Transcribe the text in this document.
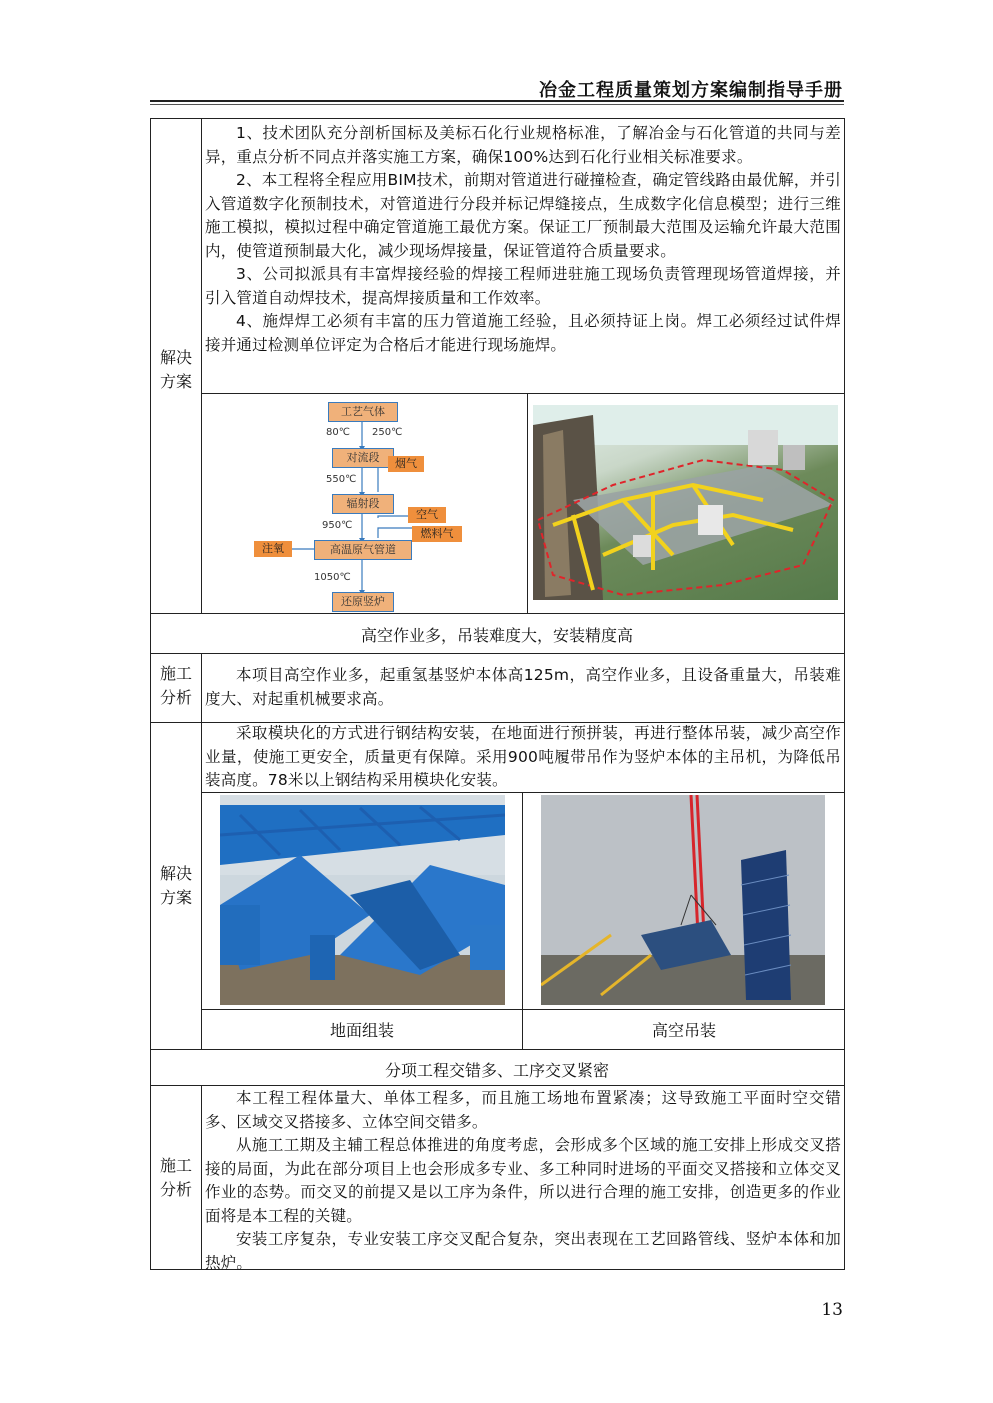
冶金工程质量策划方案编制指导手册
解决
方案

1、技术团队充分剖析国标及美标石化行业规格标准，了解冶金与石化管道的共同与差异，重点分析不同点并落实施工方案，确保100%达到石化行业相关标准要求。

2、本工程将全程应用BIM技术，前期对管道进行碰撞检查，确定管线路由最优解，并引入管道数字化预制技术，对管道进行分段并标记焊缝接点，生成数字化信息模型；进行三维施工模拟，模拟过程中确定管道施工最优方案。保证工厂预制最大范围及运输允许最大范围内，使管道预制最大化，减少现场焊接量，保证管道符合质量要求。

3、公司拟派具有丰富焊接经验的焊接工程师进驻施工现场负责管理现场管道焊接，并引入管道自动焊技术，提高焊接质量和工作效率。

4、施焊焊工必须有丰富的压力管道施工经验，且必须持证上岗。焊工必须经过试件焊接并通过检测单位评定为合格后才能进行现场施焊。

工艺气体
80℃ 250℃
对流段	烟气
550℃
辐射段
空气
燃料气
950℃
高温原气管道
注氧
1050℃
还原竖炉
高空作业多，吊装难度大，安装精度高
施工
分析

本项目高空作业多，起重氢基竖炉本体高125m，高空作业多，且设备重量大，吊装难度大、对起重机械要求高。

解决
方案

采取模块化的方式进行钢结构安装，在地面进行预拼装，再进行整体吊装，减少高空作业量，使施工更安全，质量更有保障。采用900吨履带吊作为竖炉本体的主吊机，为降低吊装高度。78米以上钢结构采用模块化安装。

地面组装	高空吊装
分项工程交错多、工序交叉紧密
施工
分析

本工程工程体量大、单体工程多，而且施工场地布置紧凑；这导致施工平面时空交错多、区域交叉搭接多、立体空间交错多。

从施工工期及主辅工程总体推进的角度考虑，会形成多个区域的施工安排上形成交叉搭接的局面，为此在部分项目上也会形成多专业、多工种同时进场的平面交叉搭接和立体交叉作业的态势。而交叉的前提又是以工序为条件，所以进行合理的施工安排，创造更多的作业面将是本工程的关键。

安装工序复杂，专业安装工序交叉配合复杂，突出表现在工艺回路管线、竖炉本体和加热炉。

13
